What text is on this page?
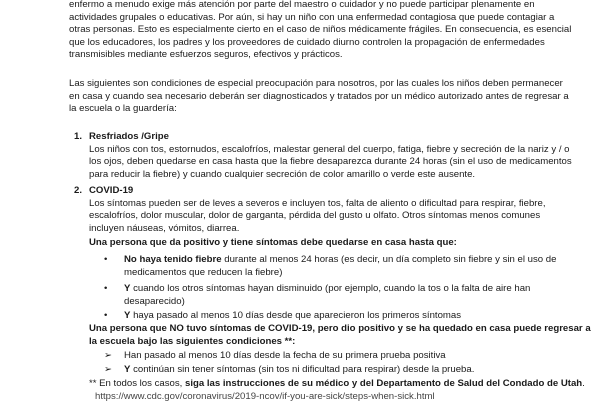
enfermo a menudo exige más atención por parte del maestro o cuidador y no puede participar plenamente en

actividades grupales o educativas. Por aún, si hay un niño con una enfermedad contagiosa que puede contagiar a

otras personas. Esto es especialmente cierto en el caso de niños médicamente frágiles. En consecuencia, es esencial

que los educadores, los padres y los proveedores de cuidado diurno controlen la propagación de enfermedades

transmisibles mediante esfuerzos seguros, efectivos y prácticos.

Las siguientes son condiciones de especial preocupación para nosotros, por las cuales los niños deben permanecer

en casa y cuando sea necesario deberán ser diagnosticados y tratados por un médico autorizado antes de regresar a

la escuela o la guardería:

1. Resfriados /Gripe

Los niños con tos, estornudos, escalofríos, malestar general del cuerpo, fatiga, fiebre y secreción de la nariz y / o

los ojos, deben quedarse en casa hasta que la fiebre desaparezca durante 24 horas (sin el uso de medicamentos

para reducir la fiebre) y cuando cualquier secreción de color amarillo o verde este ausente.

2. COVID-19

Los síntomas pueden ser de leves a severos e incluyen tos, falta de aliento o dificultad para respirar, fiebre,

escalofríos, dolor muscular, dolor de garganta, pérdida del gusto u olfato. Otros síntomas menos comunes

incluyen náuseas, vómitos, diarrea.

Una persona que da positivo y tiene síntomas debe quedarse en casa hasta que:

• No haya tenido fiebre durante al menos 24 horas (es decir, un día completo sin fiebre y sin el uso de

medicamentos que reducen la fiebre)

• Y cuando los otros síntomas hayan disminuido (por ejemplo, cuando la tos o la falta de aire han

desaparecido)

• Y haya pasado al menos 10 días desde que aparecieron los primeros síntomas

Una persona que NO tuvo síntomas de COVID-19, pero dio positivo y se ha quedado en casa puede regresar a

la escuela bajo las siguientes condiciones **:

➢ Han pasado al menos 10 días desde la fecha de su primera prueba positiva

➢ Y continúan sin tener síntomas (sin tos ni dificultad para respirar) desde la prueba.

** En todos los casos, siga las instrucciones de su médico y del Departamento de Salud del Condado de Utah.

https://www.cdc.gov/coronavirus/2019-ncov/if-you-are-sick/steps-when-sick.html
